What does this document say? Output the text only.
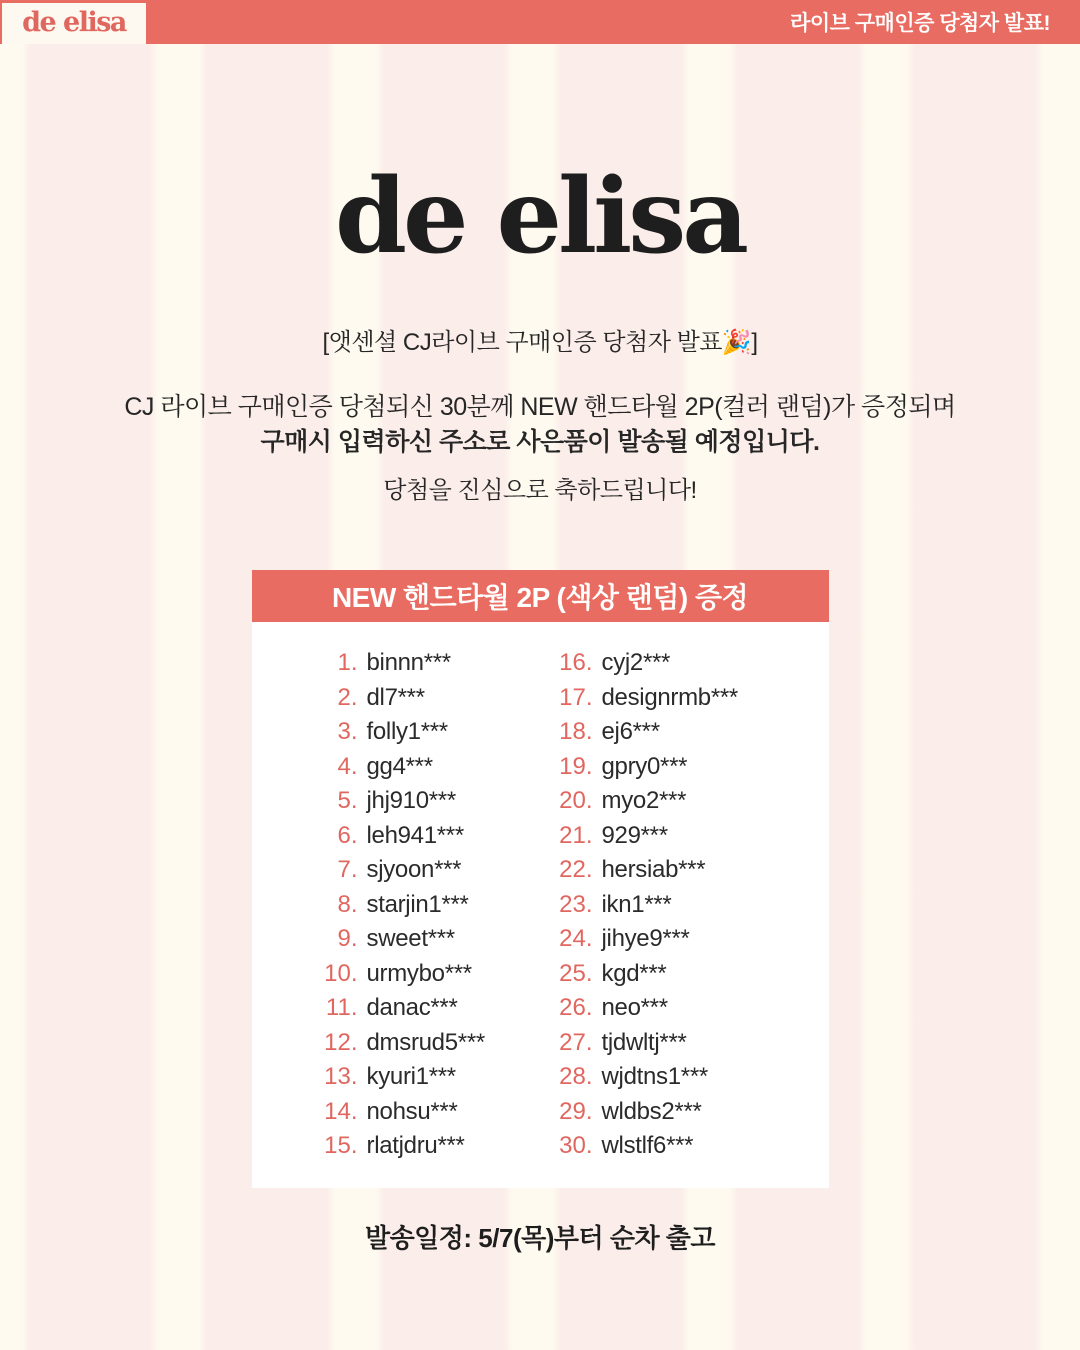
de elisa	라이브 구매인증 당첨자 발표!
de elisa

[앳센셜 CJ라이브 구매인증 당첨자 발표🎉]

CJ 라이브 구매인증 당첨되신 30분께 NEW 핸드타월 2P(컬러 랜덤)가 증정되며
구매시 입력하신 주소로 사은품이 발송될 예정입니다.

당첨을 진심으로 축하드립니다!

NEW 핸드타월 2P (색상 랜덤) 증정
1. binnn***
2. dl7***
3. folly1***
4. gg4***
5. jhj910***
6. leh941***
7. sjyoon***
8. starjin1***
9. sweet***
10. urmybo***
11. danac***
12. dmsrud5***
13. kyuri1***
14. nohsu***
15. rlatjdru***
16. cyj2***
17. designrmb***
18. ej6***
19. gpry0***
20. myo2***
21. 929***
22. hersiab***
23. ikn1***
24. jihye9***
25. kgd***
26. neo***
27. tjdwltj***
28. wjdtns1***
29. wldbs2***
30. wlstlf6***

발송일정: 5/7(목)부터 순차 출고
